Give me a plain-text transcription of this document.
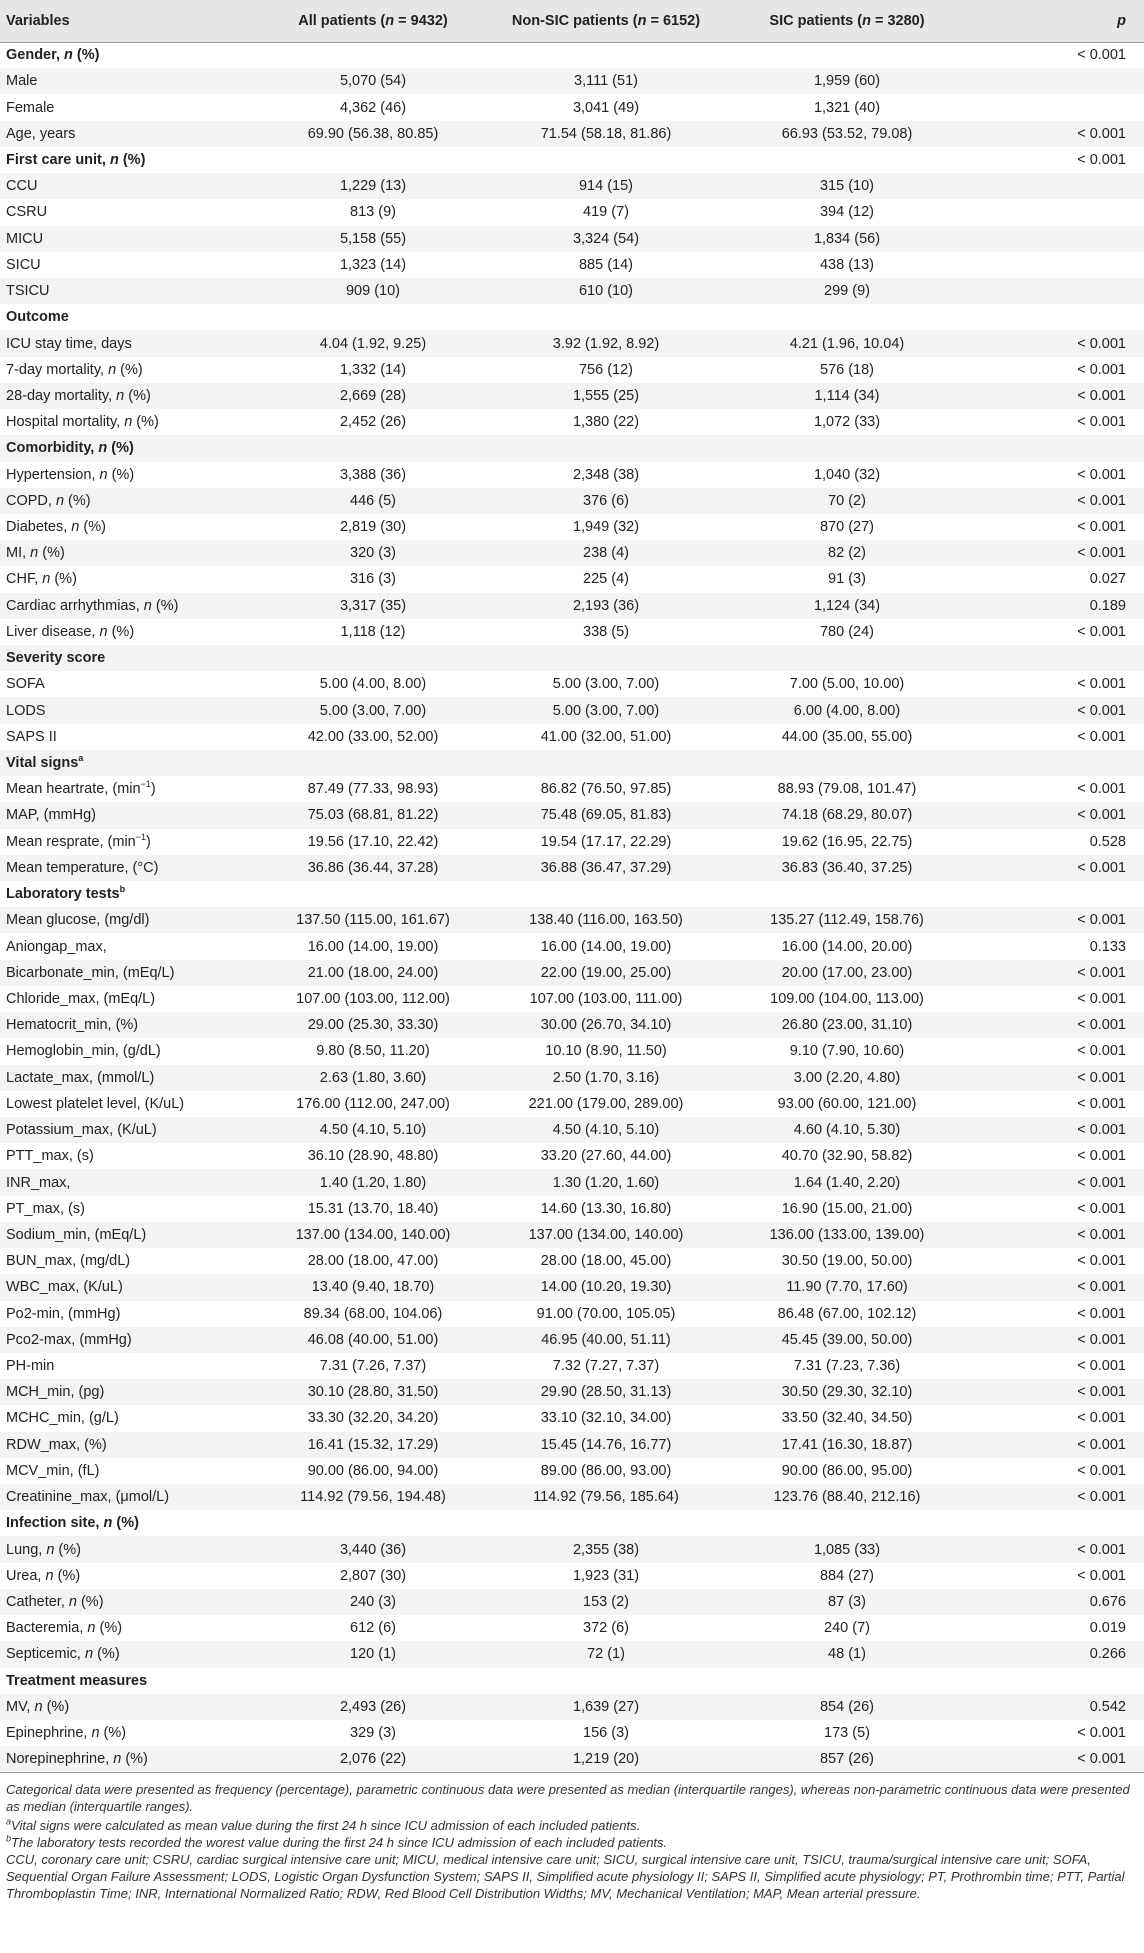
Variables	All patients (n = 9432)	Non-SIC patients (n = 6152)	SIC patients (n = 3280)	p
Gender, n (%)				< 0.001
Male	5,070 (54)	3,111 (51)	1,959 (60)	
Female	4,362 (46)	3,041 (49)	1,321 (40)	
Age, years	69.90 (56.38, 80.85)	71.54 (58.18, 81.86)	66.93 (53.52, 79.08)	< 0.001
First care unit, n (%)				< 0.001
CCU	1,229 (13)	914 (15)	315 (10)	
CSRU	813 (9)	419 (7)	394 (12)	
MICU	5,158 (55)	3,324 (54)	1,834 (56)	
SICU	1,323 (14)	885 (14)	438 (13)	
TSICU	909 (10)	610 (10)	299 (9)	
Outcome				
ICU stay time, days	4.04 (1.92, 9.25)	3.92 (1.92, 8.92)	4.21 (1.96, 10.04)	< 0.001
7-day mortality, n (%)	1,332 (14)	756 (12)	576 (18)	< 0.001
28-day mortality, n (%)	2,669 (28)	1,555 (25)	1,114 (34)	< 0.001
Hospital mortality, n (%)	2,452 (26)	1,380 (22)	1,072 (33)	< 0.001
Comorbidity, n (%)				
Hypertension, n (%)	3,388 (36)	2,348 (38)	1,040 (32)	< 0.001
COPD, n (%)	446 (5)	376 (6)	70 (2)	< 0.001
Diabetes, n (%)	2,819 (30)	1,949 (32)	870 (27)	< 0.001
MI, n (%)	320 (3)	238 (4)	82 (2)	< 0.001
CHF, n (%)	316 (3)	225 (4)	91 (3)	0.027
Cardiac arrhythmias, n (%)	3,317 (35)	2,193 (36)	1,124 (34)	0.189
Liver disease, n (%)	1,118 (12)	338 (5)	780 (24)	< 0.001
Severity score				
SOFA	5.00 (4.00, 8.00)	5.00 (3.00, 7.00)	7.00 (5.00, 10.00)	< 0.001
LODS	5.00 (3.00, 7.00)	5.00 (3.00, 7.00)	6.00 (4.00, 8.00)	< 0.001
SAPS II	42.00 (33.00, 52.00)	41.00 (32.00, 51.00)	44.00 (35.00, 55.00)	< 0.001
Vital signs$^a$				
Mean heartrate, $(\min^{-1})$	87.49 (77.33, 98.93)	86.82 (76.50, 97.85)	88.93 (79.08, 101.47)	< 0.001
MAP, (mmHg)	75.03 (68.81, 81.22)	75.48 (69.05, 81.83)	74.18 (68.29, 80.07)	< 0.001
Mean resprate, $(\min^{-1})$	19.56 (17.10, 22.42)	19.54 (17.17, 22.29)	19.62 (16.95, 22.75)	0.528
Mean temperature, (°C)	36.86 (36.44, 37.28)	36.88 (36.47, 37.29)	36.83 (36.40, 37.25)	< 0.001
Laboratory tests$^b$				
Mean glucose, (mg/dl)	137.50 (115.00, 161.67)	138.40 (116.00, 163.50)	135.27 (112.49, 158.76)	< 0.001
Aniongap_max,	16.00 (14.00, 19.00)	16.00 (14.00, 19.00)	16.00 (14.00, 20.00)	0.133
Bicarbonate_min, (mEq/L)	21.00 (18.00, 24.00)	22.00 (19.00, 25.00)	20.00 (17.00, 23.00)	< 0.001
Chloride_max, (mEq/L)	107.00 (103.00, 112.00)	107.00 (103.00, 111.00)	109.00 (104.00, 113.00)	< 0.001
Hematocrit_min, (%)	29.00 (25.30, 33.30)	30.00 (26.70, 34.10)	26.80 (23.00, 31.10)	< 0.001
Hemoglobin_min, (g/dL)	9.80 (8.50, 11.20)	10.10 (8.90, 11.50)	9.10 (7.90, 10.60)	< 0.001
Lactate_max, (mmol/L)	2.63 (1.80, 3.60)	2.50 (1.70, 3.16)	3.00 (2.20, 4.80)	< 0.001
Lowest platelet level, (K/uL)	176.00 (112.00, 247.00)	221.00 (179.00, 289.00)	93.00 (60.00, 121.00)	< 0.001
Potassium_max, (K/uL)	4.50 (4.10, 5.10)	4.50 (4.10, 5.10)	4.60 (4.10, 5.30)	< 0.001
PTT_max, (s)	36.10 (28.90, 48.80)	33.20 (27.60, 44.00)	40.70 (32.90, 58.82)	< 0.001
INR_max,	1.40 (1.20, 1.80)	1.30 (1.20, 1.60)	1.64 (1.40, 2.20)	< 0.001
PT_max, (s)	15.31 (13.70, 18.40)	14.60 (13.30, 16.80)	16.90 (15.00, 21.00)	< 0.001
Sodium_min, (mEq/L)	137.00 (134.00, 140.00)	137.00 (134.00, 140.00)	136.00 (133.00, 139.00)	< 0.001
BUN_max, (mg/dL)	28.00 (18.00, 47.00)	28.00 (18.00, 45.00)	30.50 (19.00, 50.00)	< 0.001
WBC_max, (K/uL)	13.40 (9.40, 18.70)	14.00 (10.20, 19.30)	11.90 (7.70, 17.60)	< 0.001
Po2-min, (mmHg)	89.34 (68.00, 104.06)	91.00 (70.00, 105.05)	86.48 (67.00, 102.12)	< 0.001
Pco2-max, (mmHg)	46.08 (40.00, 51.00)	46.95 (40.00, 51.11)	45.45 (39.00, 50.00)	< 0.001
PH-min	7.31 (7.26, 7.37)	7.32 (7.27, 7.37)	7.31 (7.23, 7.36)	< 0.001
MCH_min, (pg)	30.10 (28.80, 31.50)	29.90 (28.50, 31.13)	30.50 (29.30, 32.10)	< 0.001
MCHC_min, (g/L)	33.30 (32.20, 34.20)	33.10 (32.10, 34.00)	33.50 (32.40, 34.50)	< 0.001
RDW_max, (%)	16.41 (15.32, 17.29)	15.45 (14.76, 16.77)	17.41 (16.30, 18.87)	< 0.001
MCV_min, (fL)	90.00 (86.00, 94.00)	89.00 (86.00, 93.00)	90.00 (86.00, 95.00)	< 0.001
Creatinine_max, (μmol/L)	114.92 (79.56, 194.48)	114.92 (79.56, 185.64)	123.76 (88.40, 212.16)	< 0.001
Infection site, n (%)				
Lung, n (%)	3,440 (36)	2,355 (38)	1,085 (33)	< 0.001
Urea, n (%)	2,807 (30)	1,923 (31)	884 (27)	< 0.001
Catheter, n (%)	240 (3)	153 (2)	87 (3)	0.676
Bacteremia, n (%)	612 (6)	372 (6)	240 (7)	0.019
Septicemic, n (%)	120 (1)	72 (1)	48 (1)	0.266
Treatment measures				
MV, n (%)	2,493 (26)	1,639 (27)	854 (26)	0.542
Epinephrine, n (%)	329 (3)	156 (3)	173 (5)	< 0.001
Norepinephrine, n (%)	2,076 (22)	1,219 (20)	857 (26)	< 0.001

Categorical data were presented as frequency (percentage), parametric continuous data were presented as median (interquartile ranges), whereas non-parametric continuous data were presented as median (interquartile ranges).

$^a$Vital signs were calculated as mean value during the first 24 h since ICU admission of each included patients.

$^b$The laboratory tests recorded the worest value during the first 24 h since ICU admission of each included patients.

CCU, coronary care unit; CSRU, cardiac surgical intensive care unit; MICU, medical intensive care unit; SICU, surgical intensive care unit, TSICU, trauma/surgical intensive care unit; SOFA, Sequential Organ Failure Assessment; LODS, Logistic Organ Dysfunction System; SAPS II, Simplified acute physiology II; SAPS II, Simplified acute physiology; PT, Prothrombin time; PTT, Partial Thromboplastin Time; INR, International Normalized Ratio; RDW, Red Blood Cell Distribution Widths; MV, Mechanical Ventilation; MAP, Mean arterial pressure.
